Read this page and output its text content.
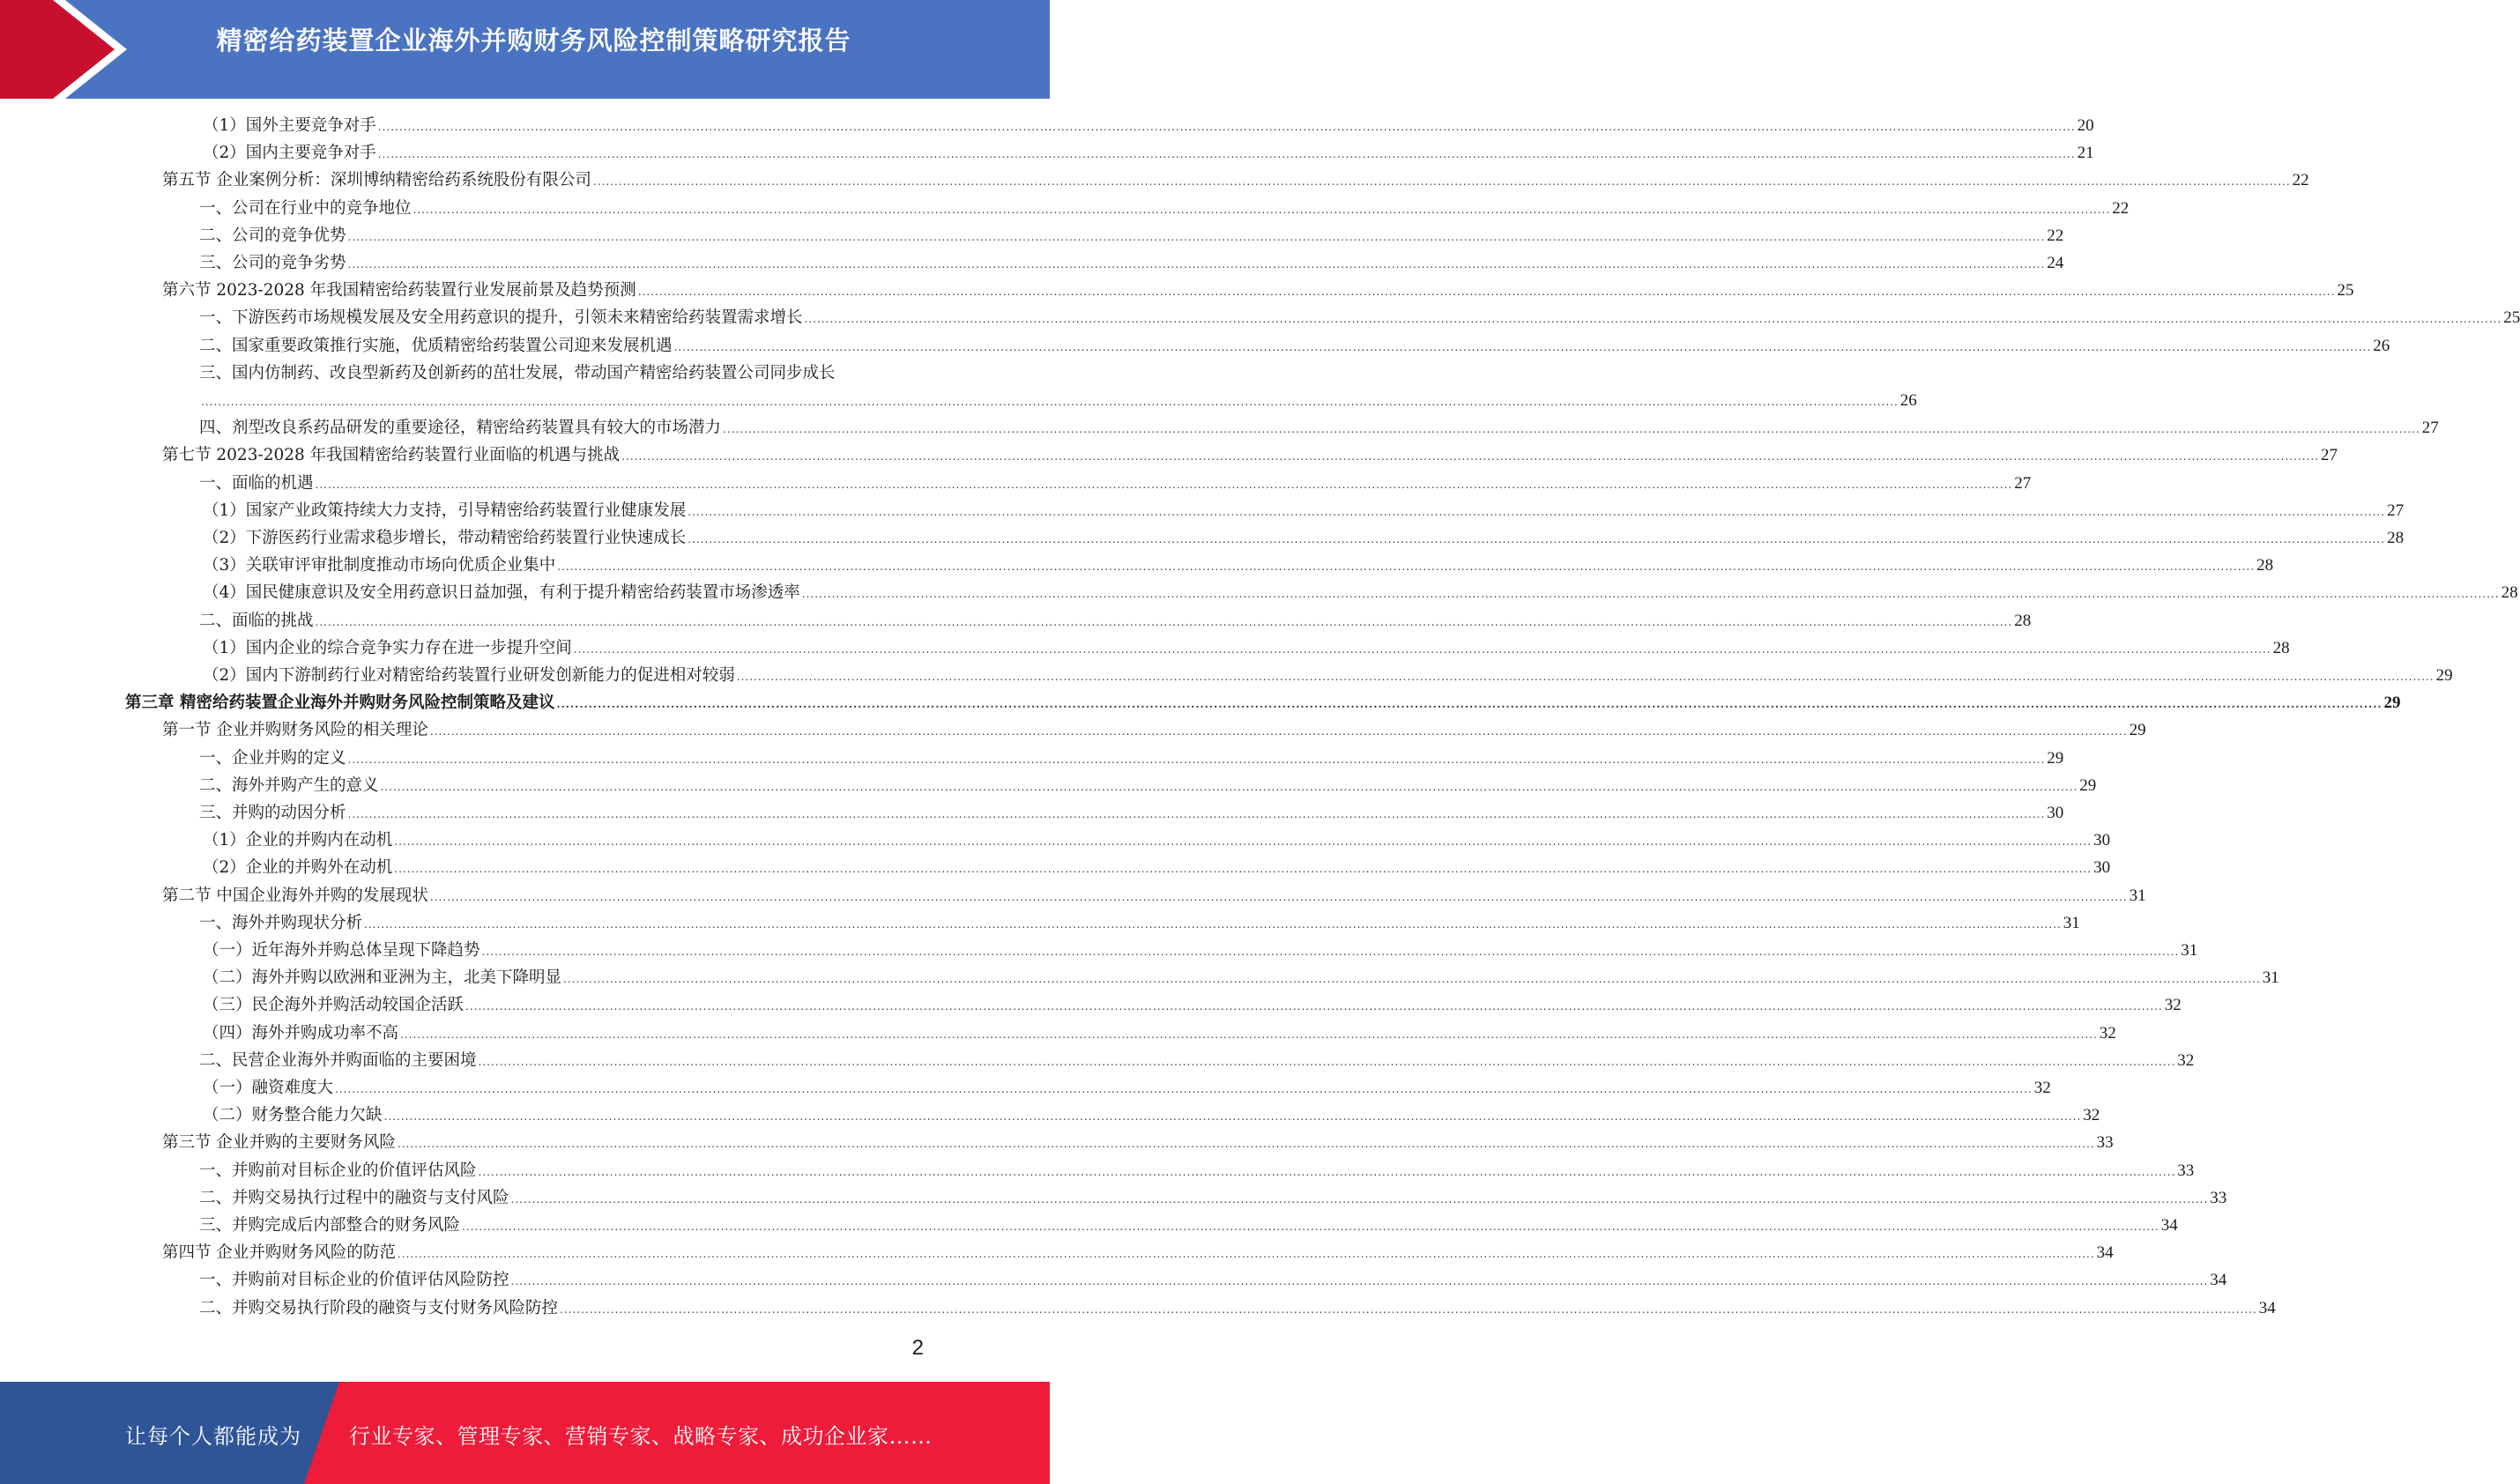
精密给药装置企业海外并购财务风险控制策略研究报告
（1）国外主要竞争对手 ................................................................................................................................................................................................................................................................................................................................................................................................................ 20
（2）国内主要竞争对手 ................................................................................................................................................................................................................................................................................................................................................................................................................ 21
第五节 企业案例分析：深圳博纳精密给药系统股份有限公司 ................................................................................................................................................................................................................................................................................................................................................................................................................ 22
一、公司在行业中的竞争地位 ................................................................................................................................................................................................................................................................................................................................................................................................................ 22
二、公司的竞争优势 ................................................................................................................................................................................................................................................................................................................................................................................................................ 22
三、公司的竞争劣势 ................................................................................................................................................................................................................................................................................................................................................................................................................ 24
第六节 2023-2028 年我国精密给药装置行业发展前景及趋势预测 ................................................................................................................................................................................................................................................................................................................................................................................................................ 25
一、下游医药市场规模发展及安全用药意识的提升，引领未来精密给药装置需求增长 ................................................................................................................................................................................................................................................................................................................................................................................................................ 25
二、国家重要政策推行实施，优质精密给药装置公司迎来发展机遇 ................................................................................................................................................................................................................................................................................................................................................................................................................ 26
三、国内仿制药、改良型新药及创新药的茁壮发展，带动国产精密给药装置公司同步成长
................................................................................................................................................................................................................................................................................................................................................................................................................ 26
四、剂型改良系药品研发的重要途径，精密给药装置具有较大的市场潜力 ................................................................................................................................................................................................................................................................................................................................................................................................................ 27
第七节 2023-2028 年我国精密给药装置行业面临的机遇与挑战 ................................................................................................................................................................................................................................................................................................................................................................................................................ 27
一、面临的机遇 ................................................................................................................................................................................................................................................................................................................................................................................................................ 27
（1）国家产业政策持续大力支持，引导精密给药装置行业健康发展 ................................................................................................................................................................................................................................................................................................................................................................................................................ 27
（2）下游医药行业需求稳步增长，带动精密给药装置行业快速成长 ................................................................................................................................................................................................................................................................................................................................................................................................................ 28
（3）关联审评审批制度推动市场向优质企业集中 ................................................................................................................................................................................................................................................................................................................................................................................................................ 28
（4）国民健康意识及安全用药意识日益加强，有利于提升精密给药装置市场渗透率 ................................................................................................................................................................................................................................................................................................................................................................................................................ 28
二、面临的挑战 ................................................................................................................................................................................................................................................................................................................................................................................................................ 28
（1）国内企业的综合竞争实力存在进一步提升空间 ................................................................................................................................................................................................................................................................................................................................................................................................................ 28
（2）国内下游制药行业对精密给药装置行业研发创新能力的促进相对较弱 ................................................................................................................................................................................................................................................................................................................................................................................................................ 29
第三章 精密给药装置企业海外并购财务风险控制策略及建议 ................................................................................................................................................................................................................................................................................................................................................................................................................ 29
第一节 企业并购财务风险的相关理论 ................................................................................................................................................................................................................................................................................................................................................................................................................ 29
一、企业并购的定义 ................................................................................................................................................................................................................................................................................................................................................................................................................ 29
二、海外并购产生的意义 ................................................................................................................................................................................................................................................................................................................................................................................................................ 29
三、并购的动因分析 ................................................................................................................................................................................................................................................................................................................................................................................................................ 30
（1）企业的并购内在动机 ................................................................................................................................................................................................................................................................................................................................................................................................................ 30
（2）企业的并购外在动机 ................................................................................................................................................................................................................................................................................................................................................................................................................ 30
第二节 中国企业海外并购的发展现状 ................................................................................................................................................................................................................................................................................................................................................................................................................ 31
一、海外并购现状分析 ................................................................................................................................................................................................................................................................................................................................................................................................................ 31
（一）近年海外并购总体呈现下降趋势 ................................................................................................................................................................................................................................................................................................................................................................................................................ 31
（二）海外并购以欧洲和亚洲为主，北美下降明显 ................................................................................................................................................................................................................................................................................................................................................................................................................ 31
（三）民企海外并购活动较国企活跃 ................................................................................................................................................................................................................................................................................................................................................................................................................ 32
（四）海外并购成功率不高 ................................................................................................................................................................................................................................................................................................................................................................................................................ 32
二、民营企业海外并购面临的主要困境 ................................................................................................................................................................................................................................................................................................................................................................................................................ 32
（一）融资难度大 ................................................................................................................................................................................................................................................................................................................................................................................................................ 32
（二）财务整合能力欠缺 ................................................................................................................................................................................................................................................................................................................................................................................................................ 32
第三节 企业并购的主要财务风险 ................................................................................................................................................................................................................................................................................................................................................................................................................ 33
一、并购前对目标企业的价值评估风险 ................................................................................................................................................................................................................................................................................................................................................................................................................ 33
二、并购交易执行过程中的融资与支付风险 ................................................................................................................................................................................................................................................................................................................................................................................................................ 33
三、并购完成后内部整合的财务风险 ................................................................................................................................................................................................................................................................................................................................................................................................................ 34
第四节 企业并购财务风险的防范 ................................................................................................................................................................................................................................................................................................................................................................................................................ 34
一、并购前对目标企业的价值评估风险防控 ................................................................................................................................................................................................................................................................................................................................................................................................................ 34
二、并购交易执行阶段的融资与支付财务风险防控 ................................................................................................................................................................................................................................................................................................................................................................................................................ 34
2
让每个人都能成为 行业专家、管理专家、营销专家、战略专家、成功企业家……
